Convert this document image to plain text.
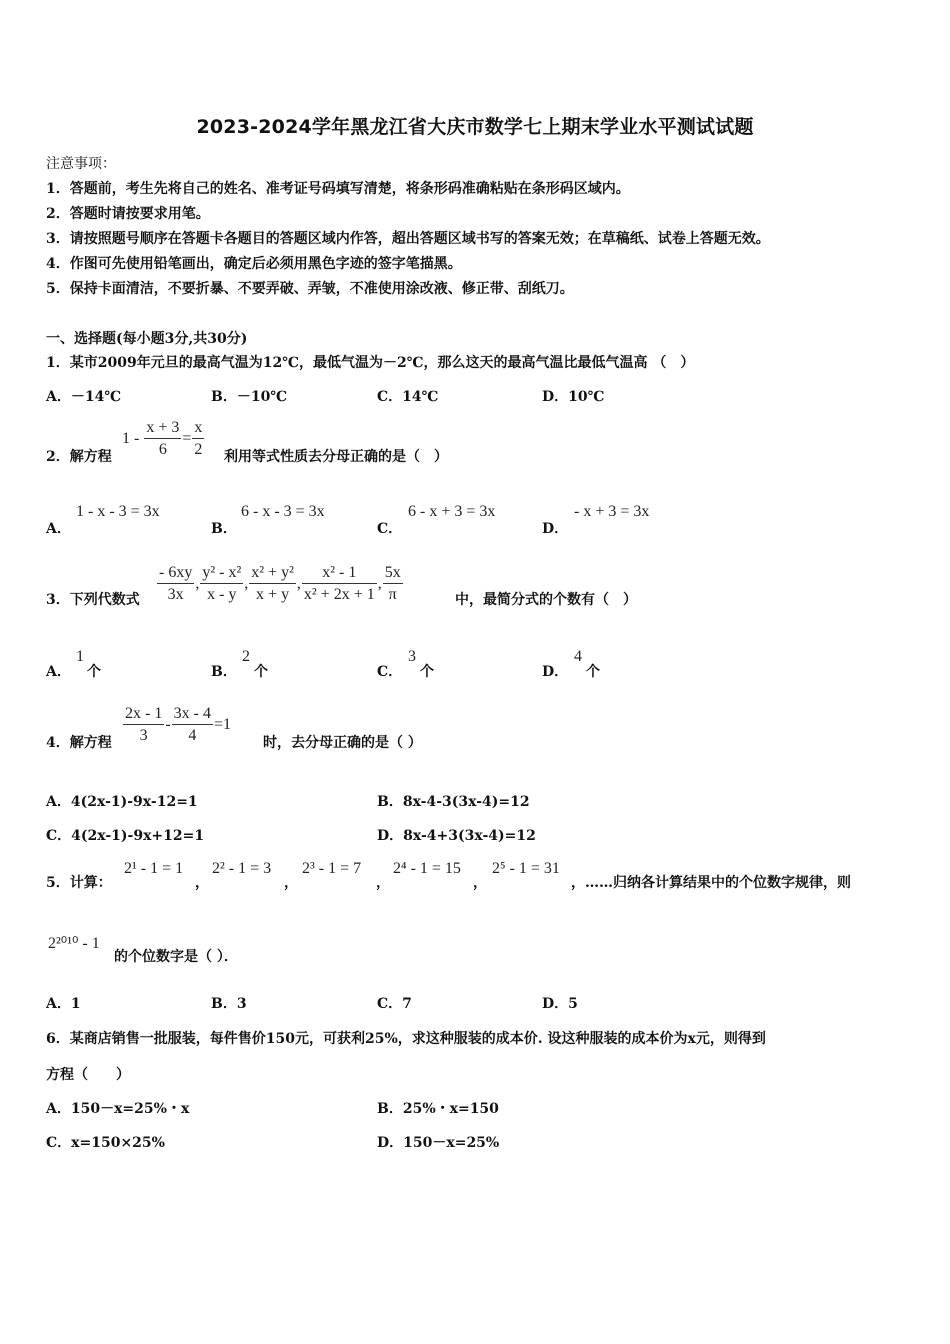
2023-2024学年黑龙江省大庆市数学七上期末学业水平测试试题
注意事项：
1．答题前，考生先将自己的姓名、准考证号码填写清楚，将条形码准确粘贴在条形码区域内。
2．答题时请按要求用笔。
3．请按照题号顺序在答题卡各题目的答题区域内作答，超出答题区域书写的答案无效；在草稿纸、试卷上答题无效。
4．作图可先使用铅笔画出，确定后必须用黑色字迹的签字笔描黑。
5．保持卡面清洁，不要折暴、不要弄破、弄皱，不准使用涂改液、修正带、刮纸刀。
一、选择题(每小题3分,共30分)
1．某市2009年元旦的最高气温为12℃，最低气温为－2℃，那么这天的最高气温比最低气温高 （　）
A．－14℃	B．－10℃	C．14℃	D．10℃
2．解方程
$1 - \frac{x + 3}{6} = \frac{x}{2}$ 利用等式性质去分母正确的是（　）
A．
1 - x - 3 = 3x
B．
6 - x - 3 = 3x
C．
6 - x + 3 = 3x
D．
- x + 3 = 3x
3．下列代数式 $\frac{- 6xy}{3x}$ , $\frac{\text{y² - x²}}{x - y}$ , $\frac{\text{x² + y²}}{x + y}$ , $\frac{\text{x² - 1}}{\text{x² + 2x + 1}}$ , $\frac{5x}{\pi}$	中，最简分式的个数有（　）
A．
1
个	B．
2
个	C．
3
个	D．
4
个
4．解方程 $\frac{2x - 1}{3} - \frac{3x - 4}{4} =1$
时，去分母正确的是（ ）
A．4(2x-1)-9x-12=1	B．8x-4-3(3x-4)=12
C．4(2x-1)-9x+12=1	D．8x-4+3(3x-4)=12
5．计算：
2¹ - 1 = 1
，
2² - 1 = 3
，
2³ - 1 = 7
，
2⁴ - 1 = 15
，
2⁵ - 1 = 31
，……归纳各计算结果中的个位数字规律，则
2²⁰¹⁰ - 1
的个位数字是（ ）．
A．1	B．3	C．7	D．5
6．某商店销售一批服装，每件售价150元，可获利25%，求这种服装的成本价. 设这种服装的成本价为x元，则得到
方程（　　）
A．150－x=25%・x	B．25%・x=150
C．x=150×25%	D．150－x=25%
